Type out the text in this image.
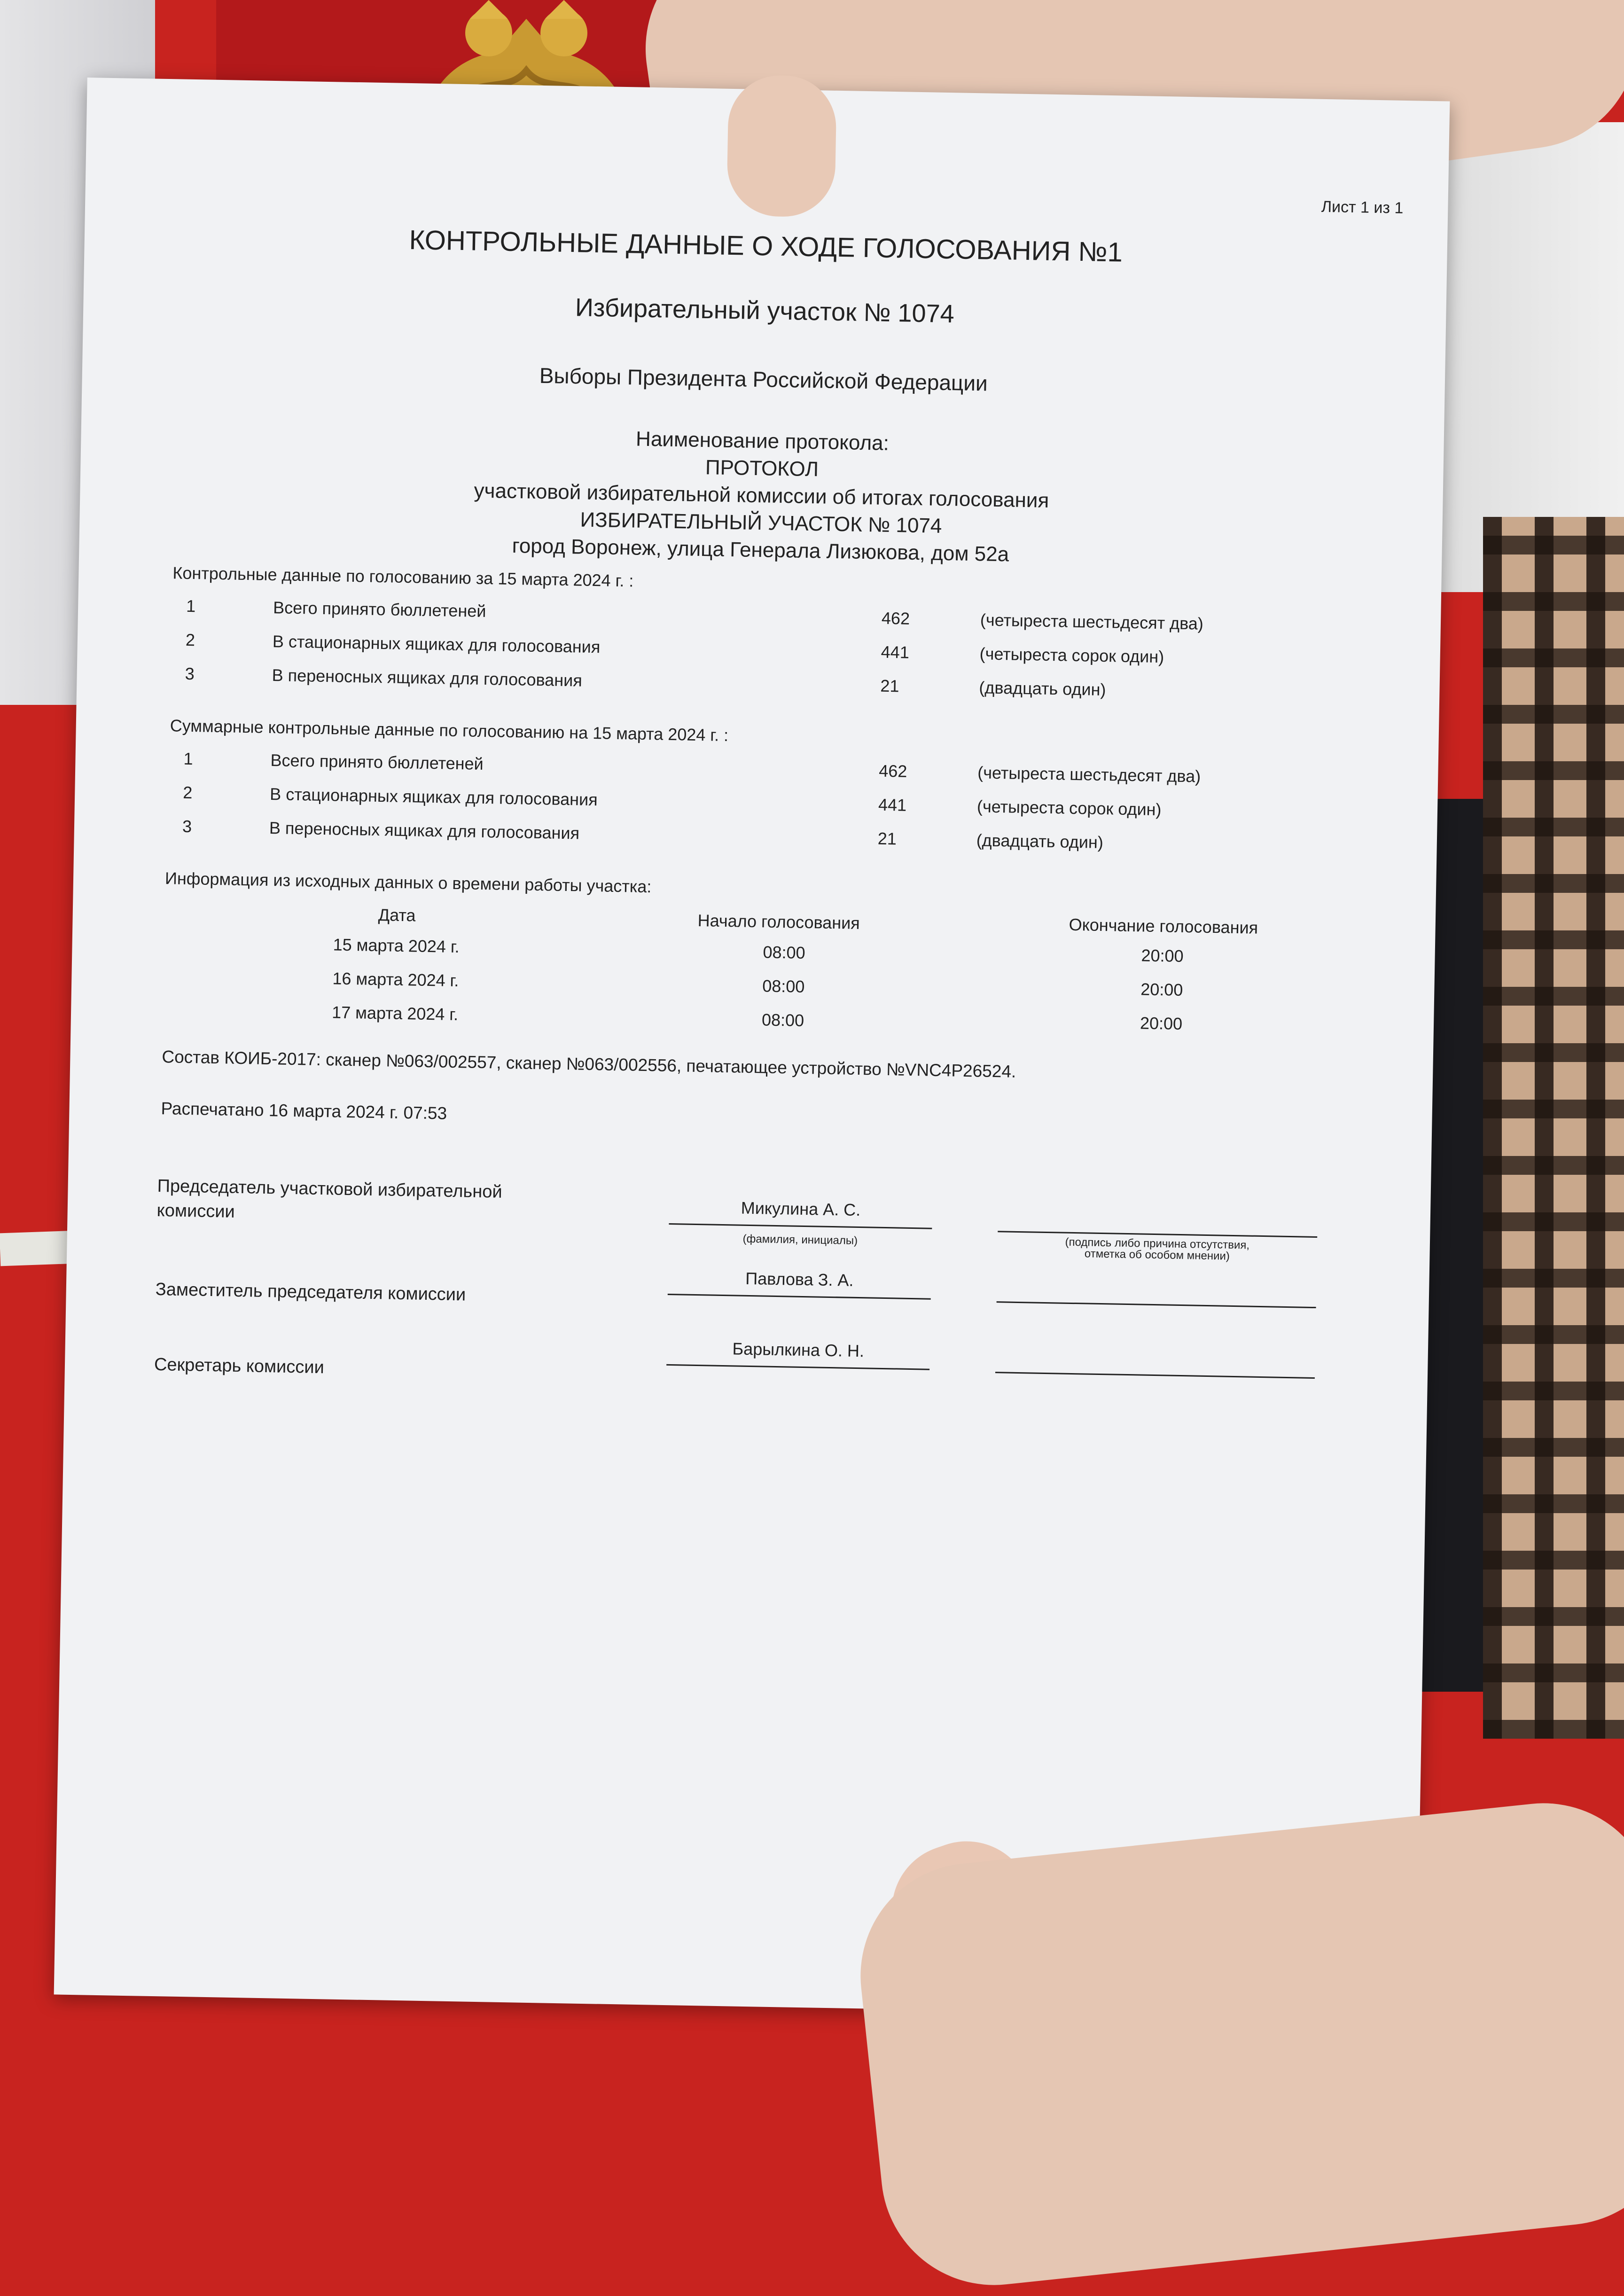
Лист 1 из 1
КОНТРОЛЬНЫЕ ДАННЫЕ О ХОДЕ ГОЛОСОВАНИЯ №1
Избирательный участок № 1074
Выборы Президента Российской Федерации
Наименование протокола:
ПРОТОКОЛ
участковой избирательной комиссии об итогах голосования
ИЗБИРАТЕЛЬНЫЙ УЧАСТОК № 1074
город Воронеж, улица Генерала Лизюкова, дом 52а
Контрольные данные по голосованию за 15 марта 2024 г. :
1	Всего принято бюллетеней	462	(четыреста шестьдесят два)
2	В стационарных ящиках для голосования	441	(четыреста сорок один)
3	В переносных ящиках для голосования	21	(двадцать один)
Суммарные контрольные данные по голосованию на 15 марта 2024 г. :
1	Всего принято бюллетеней	462	(четыреста шестьдесят два)
2	В стационарных ящиках для голосования	441	(четыреста сорок один)
3	В переносных ящиках для голосования	21	(двадцать один)
Информация из исходных данных о времени работы участка:
Дата	Начало голосования	Окончание голосования
15 марта 2024 г.	08:00	20:00
16 марта 2024 г.	08:00	20:00
17 марта 2024 г.	08:00	20:00
Состав КОИБ-2017: сканер №063/002557, сканер №063/002556, печатающее устройство №VNC4P26524.
Распечатано 16 марта 2024 г. 07:53
Председатель участковой избирательной
комиссии	Микулина А. С.
(фамилия, инициалы)	(подпись либо причина отсутствия,
отметка об особом мнении)
Заместитель председателя комиссии
Павлова З. А.
Секретарь комиссии
Барылкина О. Н.
